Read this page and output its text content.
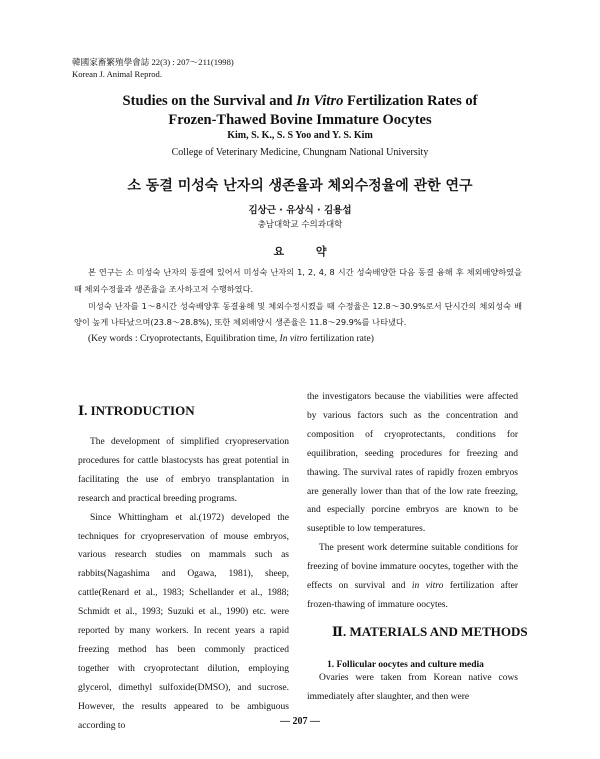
韓國家畜繁殖學會誌 22(3) : 207～211(1998)
Korean J. Animal Reprod.
Studies on the Survival and In Vitro Fertilization Rates of
Frozen-Thawed Bovine Immature Oocytes
Kim, S. K., S. S Yoo and Y. S. Kim
College of Veterinary Medicine, Chungnam National University
소 동결 미성숙 난자의 생존율과 체외수정율에 관한 연구
김상근 · 유상식 · 김용섭
충남대학교 수의과대학
요 약

본 연구는 소 미성숙 난자의 동결에 있어서 미성숙 난자의 1, 2, 4, 8 시간 성숙배양한 다음 동결 융해 후 체외배양하였을 때 체외수정율과 생존율을 조사하고저 수행하였다.

미성숙 난자를 1～8시간 성숙배양후 동결융해 및 체외수정시켰을 때 수정율은 12.8～30.9%로서 단시간의 체외성숙 배양이 높게 나타났으며(23.8～28.8%), 또한 체외배양시 생존율은 11.8～29.9%를 나타냈다.

(Key words : Cryoprotectants, Equilibration time, In vitro fertilization rate)

Ⅰ. INTRODUCTION

The development of simplified cryopreservation procedures for cattle blastocysts has great potential in facilitating the use of embryo transplantation in research and practical breeding programs.

Since Whittingham et al.(1972) developed the techniques for cryopreservation of mouse embryos, various research studies on mammals such as rabbits(Nagashima and Ogawa, 1981), sheep, cattle(Renard et al., 1983; Schellander et al., 1988; Schmidt et al., 1993; Suzuki et al., 1990) etc. were reported by many workers. In recent years a rapid freezing method has been commonly practiced together with cryoprotectant dilution, employing glycerol, dimethyl sulfoxide(DMSO), and sucrose. However, the results appeared to be ambiguous according to

the investigators because the viabilities were affected by various factors such as the concentration and composition of cryoprotectants, conditions for equilibration, seeding procedures for freezing and thawing. The survival rates of rapidly frozen embryos are generally lower than that of the low rate freezing, and especially porcine embryos are known to be suseptible to low temperatures.

The present work determine suitable conditions for freezing of bovine immature oocytes, together with the effects on survival and in vitro fertilization after frozen-thawing of immature oocytes.

Ⅱ. MATERIALS AND METHODS
1. Follicular oocytes and culture media

Ovaries were taken from Korean native cows immediately after slaughter, and then were

― 207 ―
